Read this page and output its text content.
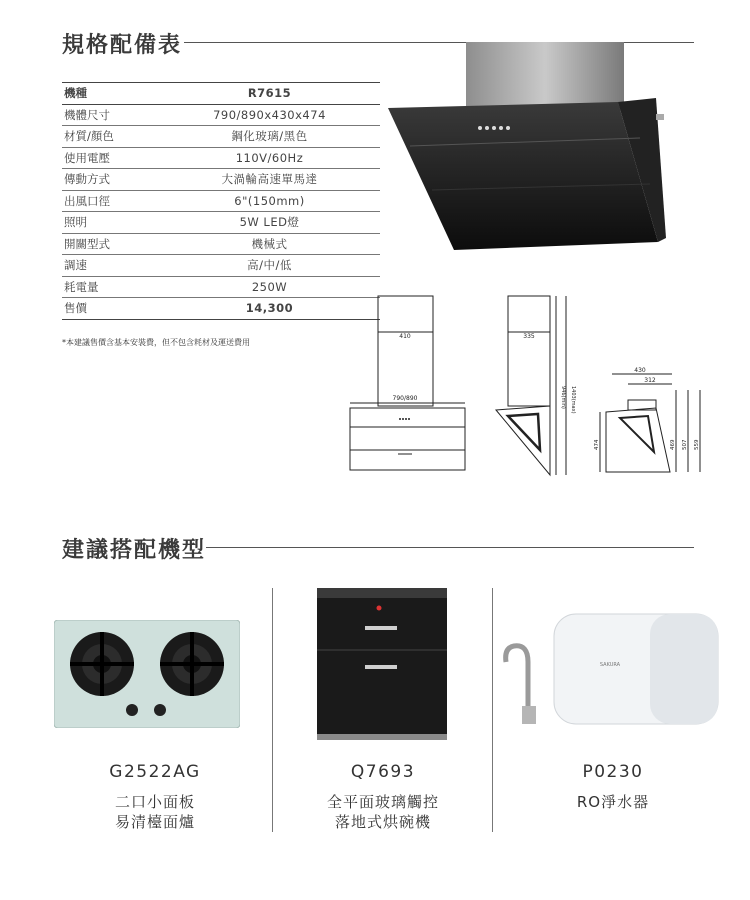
規格配備表
機種	R7615
機體尺寸	790/890x430x474
材質/顏色	鋼化玻璃/黑色
使用電壓	110V/60Hz
傳動方式	大渦輪高速單馬達
出風口徑	6"(150mm)
照明	5W LED燈
開關型式	機械式
調速	高/中/低
耗電量	250W
售價	14,300
*本建議售價含基本安裝費，但不包含耗材及運送費用
410
790/890
335
946(min) 1403(max)
430
312
474	469 507 559
建議搭配機型
SAKURA
G2522AG
二口小面板
易清檯面爐
Q7693
全平面玻璃觸控
落地式烘碗機
P0230
RO淨水器
